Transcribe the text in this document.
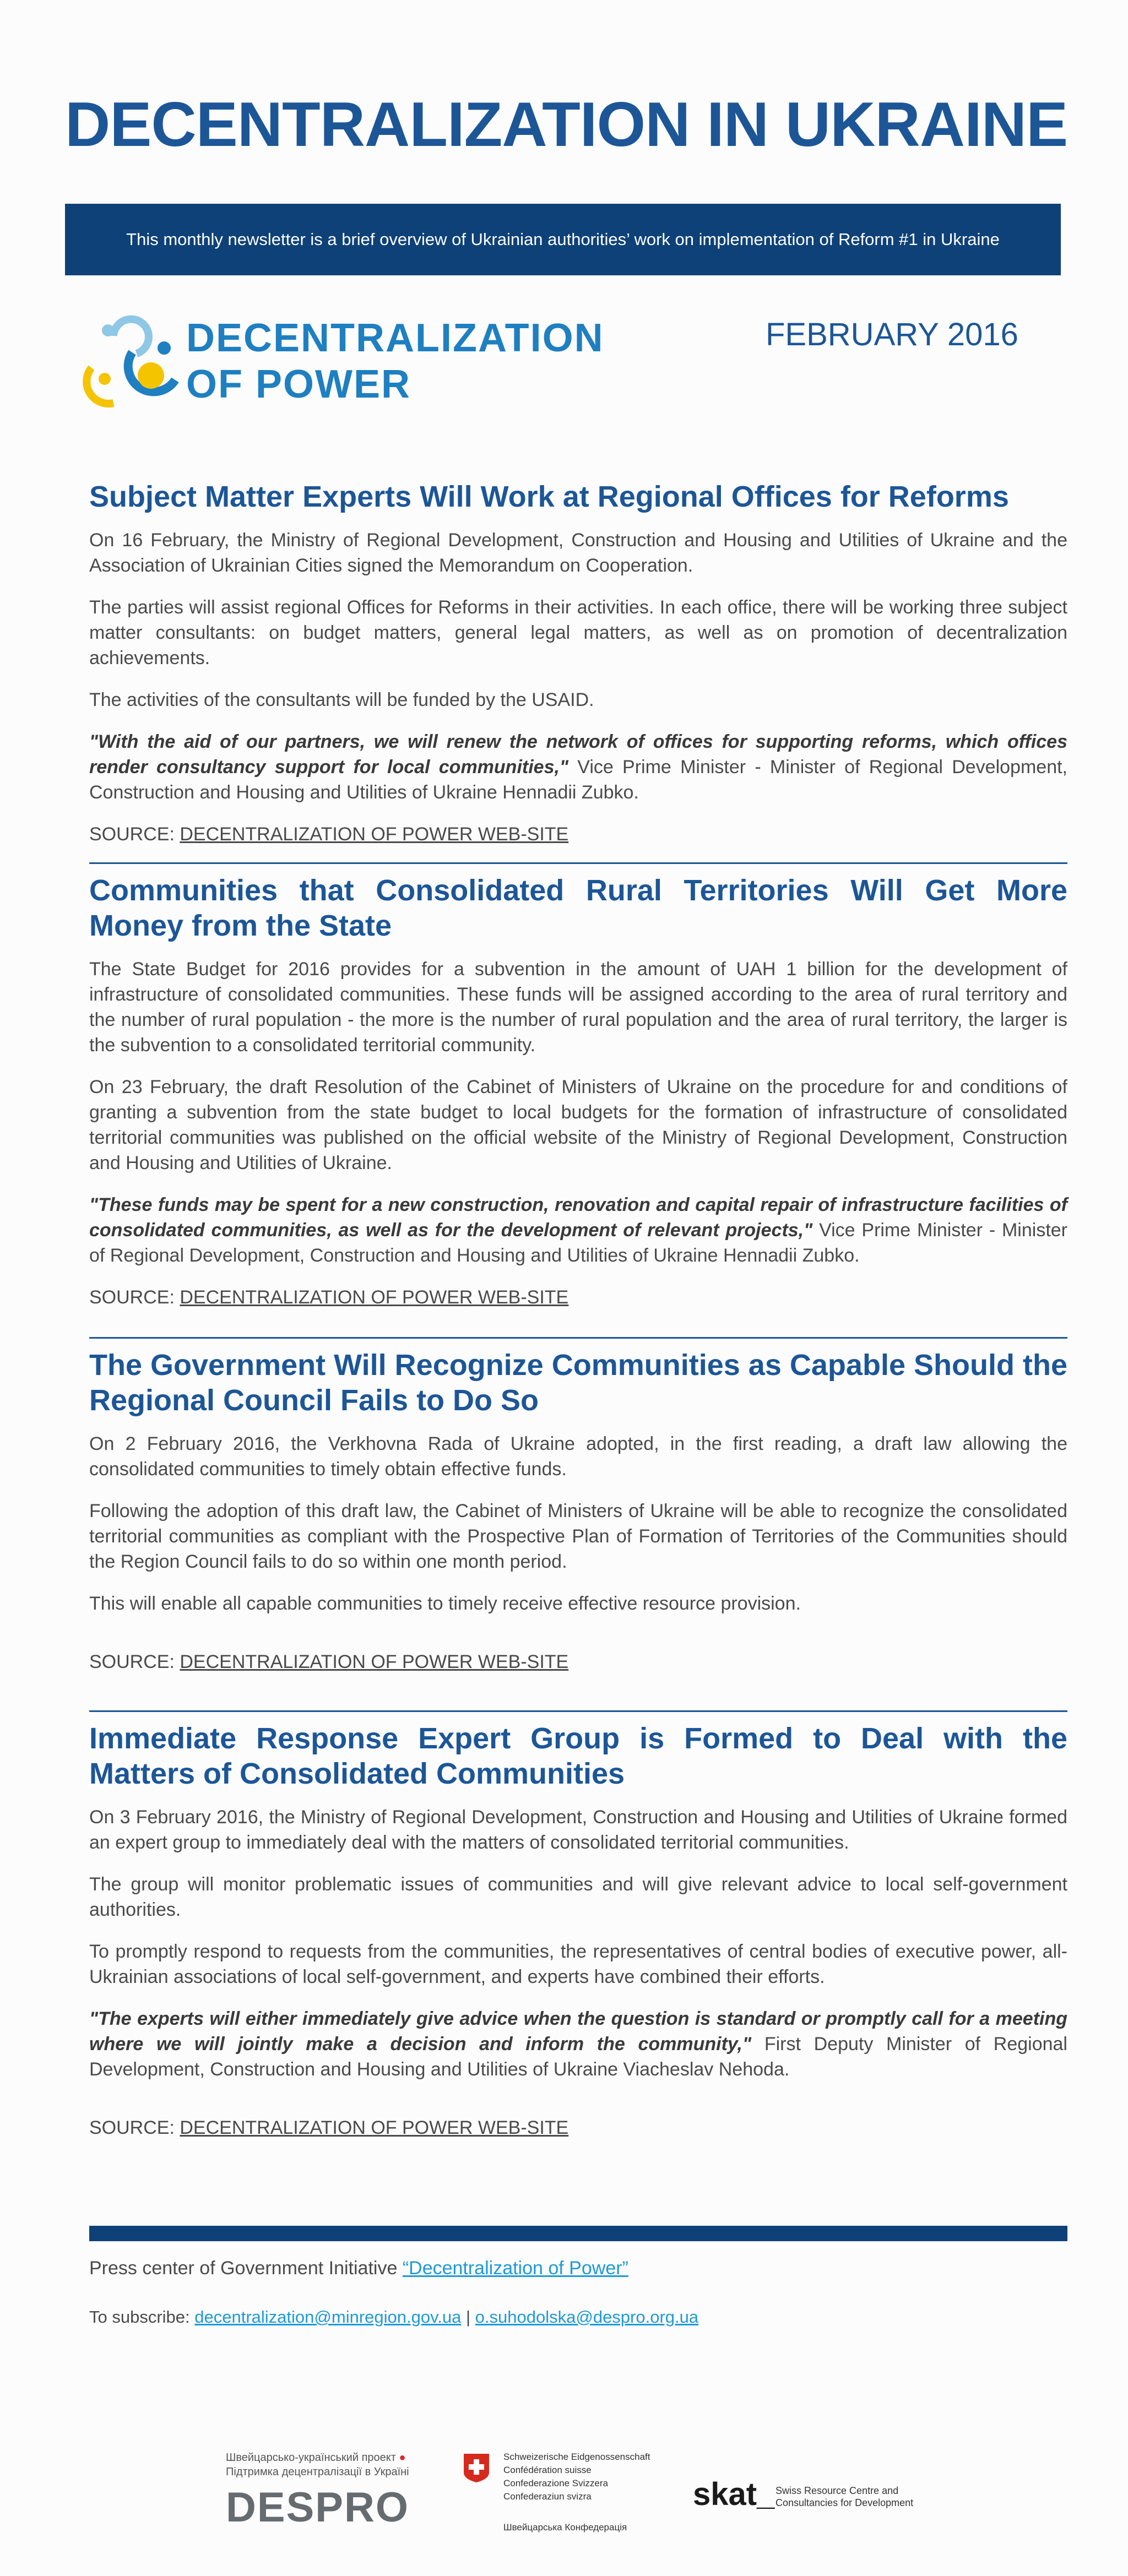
DECENTRALIZATION IN UKRAINE
This monthly newsletter is a brief overview of Ukrainian authorities’ work on implementation of Reform #1 in Ukraine
DECENTRALIZATION
OF POWER
FEBRUARY 2016
Subject Matter Experts Will Work at Regional Offices for Reforms

On 16 February, the Ministry of Regional Development, Construction and Housing and Utilities of Ukraine and the Association of Ukrainian Cities signed the Memorandum on Cooperation.

The parties will assist regional Offices for Reforms in their activities. In each office, there will be working three subject matter consultants: on budget matters, general legal matters, as well as on promotion of decentralization achievements.

The activities of the consultants will be funded by the USAID.

"With the aid of our partners, we will renew the network of offices for supporting reforms, which offices render consultancy support for local communities," Vice Prime Minister - Minister of Regional Development, Construction and Housing and Utilities of Ukraine Hennadii Zubko.

SOURCE: DECENTRALIZATION OF POWER WEB-SITE

Communities that Consolidated Rural Territories Will Get More Money from the State

The State Budget for 2016 provides for a subvention in the amount of UAH 1 billion for the development of infrastructure of consolidated communities. These funds will be assigned according to the area of rural territory and the number of rural population - the more is the number of rural population and the area of rural territory, the larger is the subvention to a consolidated territorial community.

On 23 February, the draft Resolution of the Cabinet of Ministers of Ukraine on the procedure for and conditions of granting a subvention from the state budget to local budgets for the formation of infrastructure of consolidated territorial communities was published on the official website of the Ministry of Regional Development, Construction and Housing and Utilities of Ukraine.

"These funds may be spent for a new construction, renovation and capital repair of infrastructure facilities of consolidated communities, as well as for the development of relevant projects," Vice Prime Minister - Minister of Regional Development, Construction and Housing and Utilities of Ukraine Hennadii Zubko.

SOURCE: DECENTRALIZATION OF POWER WEB-SITE

The Government Will Recognize Communities as Capable Should the Regional Council Fails to Do So

On 2 February 2016, the Verkhovna Rada of Ukraine adopted, in the first reading, a draft law allowing the consolidated communities to timely obtain effective funds.

Following the adoption of this draft law, the Cabinet of Ministers of Ukraine will be able to recognize the consolidated territorial communities as compliant with the Prospective Plan of Formation of Territories of the Communities should the Region Council fails to do so within one month period.

This will enable all capable communities to timely receive effective resource provision.

SOURCE: DECENTRALIZATION OF POWER WEB-SITE

Immediate Response Expert Group is Formed to Deal with the Matters of Consolidated Communities

On 3 February 2016, the Ministry of Regional Development, Construction and Housing and Utilities of Ukraine formed an expert group to immediately deal with the matters of consolidated territorial communities.

The group will monitor problematic issues of communities and will give relevant advice to local self-government authorities.

To promptly respond to requests from the communities, the representatives of central bodies of executive power, all-Ukrainian associations of local self-government, and experts have combined their efforts.

"The experts will either immediately give advice when the question is standard or promptly call for a meeting where we will jointly make a decision and inform the community," First Deputy Minister of Regional Development, Construction and Housing and Utilities of Ukraine Viacheslav Nehoda.

SOURCE: DECENTRALIZATION OF POWER WEB-SITE

Press center of Government Initiative “Decentralization of Power”
To subscribe: decentralization@minregion.gov.ua | o.suhodolska@despro.org.ua
Швейцарсько-український проект ●
Підтримка децентралізації в Україні
DESPRO
Schweizerische Eidgenossenschaft
Confédération suisse
Confederazione Svizzera
Confederaziun svizra
Швейцарська Конфедерація
skat_ Swiss Resource Centre and
Consultancies for Development
